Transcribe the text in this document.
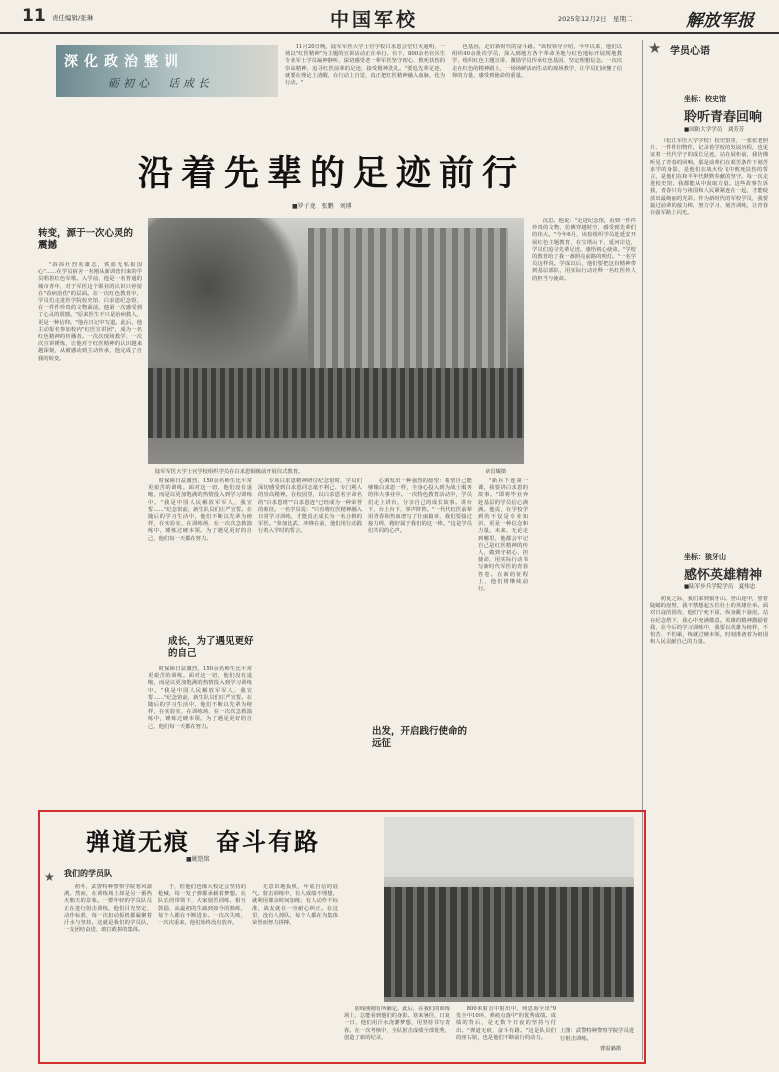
11 责任编辑/张琳	中国军校	2025年12月2日　星期二	解放军报
深化政治整训
砺初心　话成长

11月20日晚，陆军军医大学士官学校白求恩会堂灯火通明，一场以"红医精神"为主题的宣讲活动正在举行。台下，800余名官兵生专业军士学员凝神静听，深切感受老一辈军医坚守初心、救死扶伤的崇高精神，追寻红医前辈的足迹，接受精神洗礼。"要追先辈足迹，就要在理论上清醒，在行动上自觉，真正把红医精神融入血脉、化为行动。"

色基因，走好新时代的奋斗路。"该校领导介绍，今年以来，他们以组织40余批次学员，深入到地方各个革命圣地与红色地标开展现地教学，组织红色主题宣讲，激励学员传承红色基因、坚定理想信念。一次次走在红色的精神路上，一场场鲜活而生动的现场教学，让学员们读懂了信仰的力量，感受到使命的重量。

沿着先辈的足迹前行
■罗子龙　张鹏　刘博
陆军军医大学士官学校组织学员在白求恩铜像前开展仪式教育。	章昌耀摄
转变，源于一次心灵的震撼

"浴浴壮烈英雄志，铁血无私报国心"……在学员宿舍一名刚从新训营归来的学员唱着红色军歌。入学前，他是一名普通的城市青年，对于军医这个职业的认识只停留在"看病治伤"的层面。在一次红色教育中，学员们走进医学院校史馆、白求恩纪念馆，在一件件珍贵的文物面前，他第一次感受到了心灵的震撼。"原来医生不只是治病救人，更是一种信仰。"他在日记中写道。此后，他主动报名参加校内"红医宣讲团"，成为一名红色精神的传播者。一次次现场教学、一次次宣讲锤炼，让他对于红医精神的认识越来越深刻，从被感动到主动传承，他完成了自我的转变。

时保障日益激烈，150余名师生比平常更艰苦的训练。面对这一切，他们没有退缩，而是以更加饱满的热情投入到学习训练中。"我是中国人民解放军军人，我宣誓……"纪念馆前，新生队员们庄严宣誓。在随后的学习生活中，他们不断以先辈为榜样，在实验室、在训练场、在一次次急救演练中，锤炼过硬本领。为了遇见更好的自己，他们每一天都在努力。

成长，为了遇见更好的自己

时保障日益激烈，150余名师生比平常更艰苦的训练。面对这一切，他们没有退缩，而是以更加饱满的热情投入到学习训练中。"我是中国人民解放军军人，我宣誓……"纪念馆前，新生队员们庄严宣誓。在随后的学习生活中，他们不断以先辈为榜样，在实验室、在训练场、在一次次急救演练中，锤炼过硬本领。为了遇见更好的自己，他们每一天都在努力。

专项白求恩精神研讨纪念馆时，学员们深切感受到白求恩同志毫不利己、专门利人的崇高精神。在校园里，以白求恩名字命名的"白求恩班""白求恩连"已经成为一种荣誉的象征。一名学员说："只有将红医精神融入日常学习训练，才能真正成长为一名合格的军医。"参加比武、冲锋在前，他们用行动践行着入学时的誓言。

心调发出一种强烈的愿望：希望自己能够像白求恩一样，全身心投入到为战士服务的伟大事业中。一次特色教育活动中，学员们走上讲台，分享自己的成长故事。讲台下，台上台下，掌声阵阵。"一代代红医前辈用青春和热血谱写了壮丽篇章，我们要接过接力棒，跑好属于我们的这一棒。"这是学员们共同的心声。

出发，开启践行使命的远征

沉思。他说："走进纪念馆，看到一件件珍贵的文物，仿佛穿越时空，感受到先辈们的伟大。"今年6月，该校组织学员赴延安开展红色主题教育，在宝塔山下、延河岸边，学员们追寻先辈足迹，感悟初心使命。"学校的教育给了我一盏照亮前路的明灯。"一名学员这样说。学成以后，他们要把这份精神带到基层部队，用实际行动诠释一名红医传人的担当与使命。

"新兵下连第一课，我要讲白求恩的故事。"即将毕业奔赴基层的学员信心满满。他说，在学校学到的不仅是专业知识，更是一种信念和力量。未来，无论走到哪里，他都会牢记自己是红医精神的传人，做到守初心、担使命，用实际行动书写新时代军医的青春答卷。在新的征程上，他们将继续前行。

★ 学员心语
坐标：校史馆
聆听青春回响
■国防大学学员　刘芳芳

（松江军医大学学校）校史馆里，一张张老照片、一件件旧物件，记录着学校的发展历程，也见证着一代代学子的成长足迹。站在展柜前，我仿佛听见了青春的回响。那是前辈们在艰苦条件下刻苦求学的身影，是他们在战火纷飞中救死扶伤的誓言，是他们在和平年代默默奉献的坚守。每一次走进校史馆，我都能从中汲取力量。这些故事告诉我，青春只有与祖国和人民紧紧连在一起，才能绽放出最绚丽的光彩。作为新时代的军校学员，我要接过前辈的接力棒，努力学习、刻苦训练，让青春在强军路上闪光。

坐标：狼牙山
感怀英雄精神
■陆军步兵学院学员　夏炜忠

初夏之际，我们来到狼牙山。登山途中，望着陡峭的崖壁，我不禁想起五位壮士的英雄壮举。面对日寇的围攻，他们宁死不屈，纵身跳下悬崖。站在纪念塔下，我心中充满敬意。英雄的精神激励着我，在今后的学习训练中，我要以英雄为榜样，不怕苦、不怕累，练就过硬本领，时刻准备着为祖国和人民贡献自己的力量。

弹道无痕　奋斗有路
■姚铠铭
★ 我们的学员队

初冬，武警特种警察学院寒风凛冽。然而，在训练场上却是另一番热火朝天的景象。一群年轻的学员队员正在进行射击训练，他们目光坚定、动作标准，每一次扣动扳机都凝聚着汗水与坚持。这就是我们的学员队，一支团结奋进、敢打敢拼的集体。

于，但他们也像大校定会坚持的枪械，每一发子弹都承载着梦想。在队长的带领下，大家刻苦训练、相互鼓励，从最初的生疏到如今的熟练，每个人都在不断进步。一次次失败，一次次重来，他们始终没有放弃。

无意识地扳机，年底自信的底气。射击训练中，有人成绩不理想，就利用课余时间加练；有人动作不标准，战友就在一旁耐心纠正。在这里，没有人掉队，每个人都在为集体荣誉而努力拼搏。

防线刚刚有所确定。此后，在我们的训练场上，总能看到他们的身影。寒来暑往，日复一日，他们用汗水浇灌梦想，用坚持书写青春。在一次考核中，全队射击成绩全部优秀，创造了新的纪录。

800米射击中射出中，何思海全出"9发全中10环，弹痕点落中"的优秀成绩。成绩的背后，是无数个日夜的坚持与付出。"弹道无痕，奋斗有路。"这是队员们的座右铭，也是他们不断前行的动力。

上图：武警特种警察学院学员进行射击训练。
曹温潞摄
